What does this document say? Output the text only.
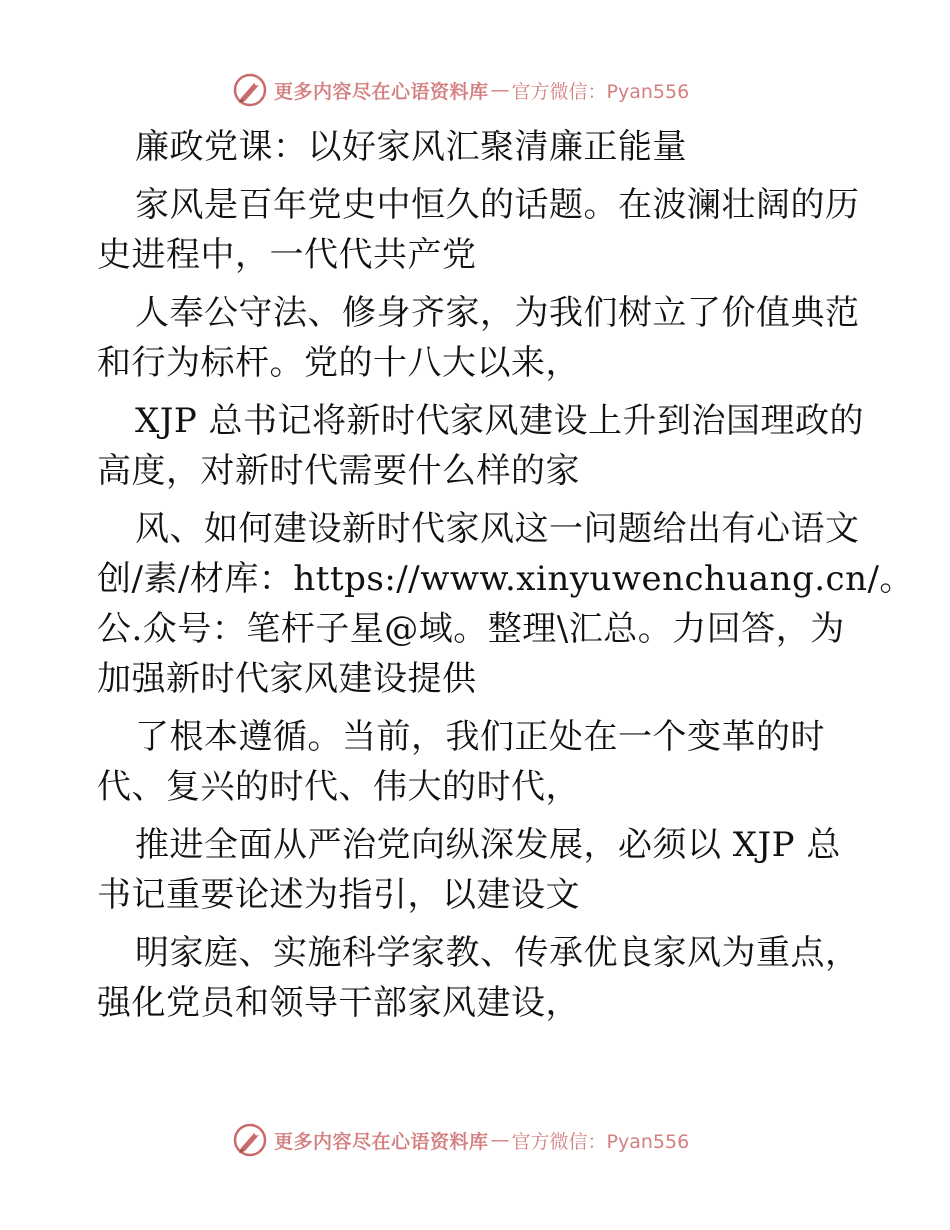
更多内容尽在心语资料库 — 官方微信：Pyan556
廉政党课：以好家风汇聚清廉正能量
家风是百年党史中恒久的话题。在波澜壮阔的历
史进程中，一代代共产党
人奉公守法、修身齐家，为我们树立了价值典范
和行为标杆。党的十八大以来，
XJP 总书记将新时代家风建设上升到治国理政的
高度，对新时代需要什么样的家
风、如何建设新时代家风这一问题给出有心语文
创/素/材库：https://www.xinyuwenchuang.cn/。
公.众号：笔杆子星@域。整理\汇总。力回答，为
加强新时代家风建设提供
了根本遵循。当前，我们正处在一个变革的时
代、复兴的时代、伟大的时代，
推进全面从严治党向纵深发展，必须以 XJP 总
书记重要论述为指引，以建设文
明家庭、实施科学家教、传承优良家风为重点，
强化党员和领导干部家风建设，
更多内容尽在心语资料库 — 官方微信：Pyan556
